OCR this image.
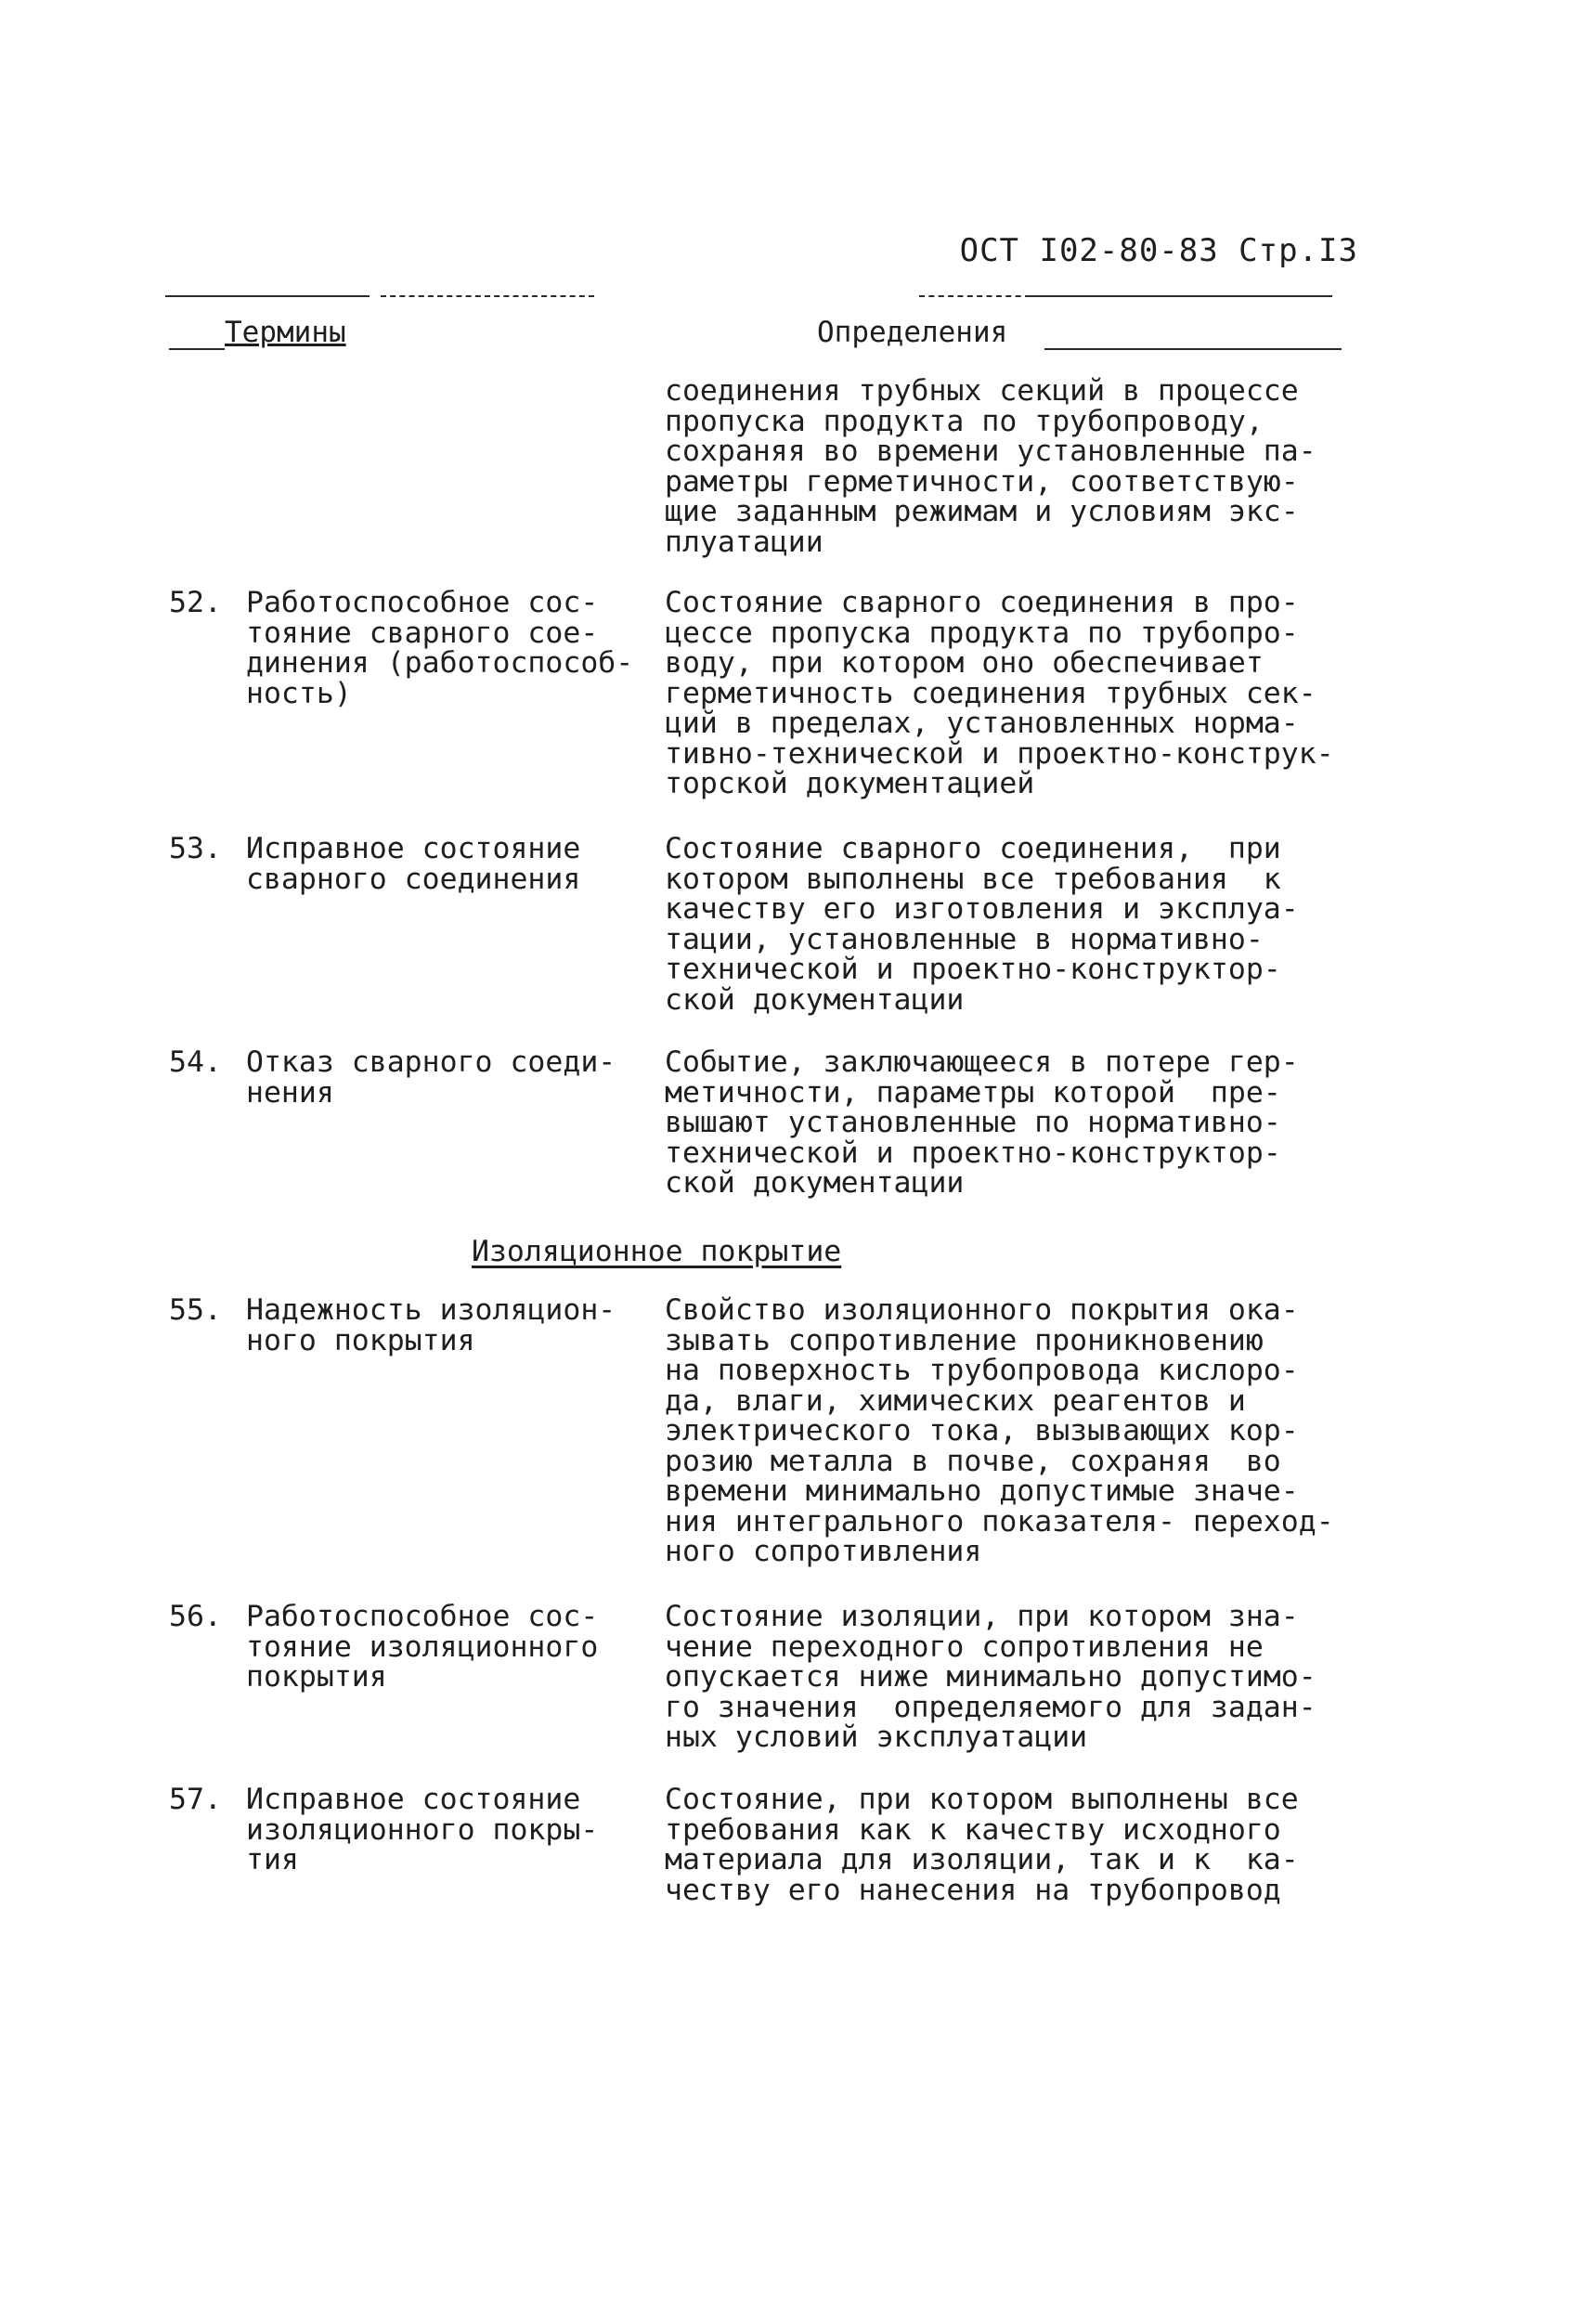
ОСТ I02-80-83 Стр.I3
Термины	Определения
соединения трубных секций в процессе
пропуска продукта по трубопроводу,
сохраняя во времени установленные па-
раметры герметичности, соответствую-
щие заданным режимам и условиям экс-
плуатации
52. Работоспособное сос-
тояние сварного сое-
динения (работоспособ-
ность)
Состояние сварного соединения в про-
цессе пропуска продукта по трубопро-
воду, при котором оно обеспечивает
герметичность соединения трубных сек-
ций в пределах, установленных норма-
тивно-технической и проектно-конструк-
торской документацией
53. Исправное состояние
сварного соединения
Состояние сварного соединения,  при
котором выполнены все требования  к
качеству его изготовления и эксплуа-
тации, установленные в нормативно-
технической и проектно-конструктор-
ской документации
54. Отказ сварного соеди-
нения
Событие, заключающееся в потере гер-
метичности, параметры которой  пре-
вышают установленные по нормативно-
технической и проектно-конструктор-
ской документации
Изоляционное покрытие
55. Надежность изоляцион-
ного покрытия
Свойство изоляционного покрытия ока-
зывать сопротивление проникновению
на поверхность трубопровода кислоро-
да, влаги, химических реагентов и
электрического тока, вызывающих кор-
розию металла в почве, сохраняя  во
времени минимально допустимые значе-
ния интегрального показателя- переход-
ного сопротивления
56. Работоспособное сос-
тояние изоляционного
покрытия
Состояние изоляции, при котором зна-
чение переходного сопротивления не
опускается ниже минимально допустимо-
го значения  определяемого для задан-
ных условий эксплуатации
57. Исправное состояние
изоляционного покры-
тия
Состояние, при котором выполнены все
требования как к качеству исходного
материала для изоляции, так и к  ка-
честву его нанесения на трубопровод
